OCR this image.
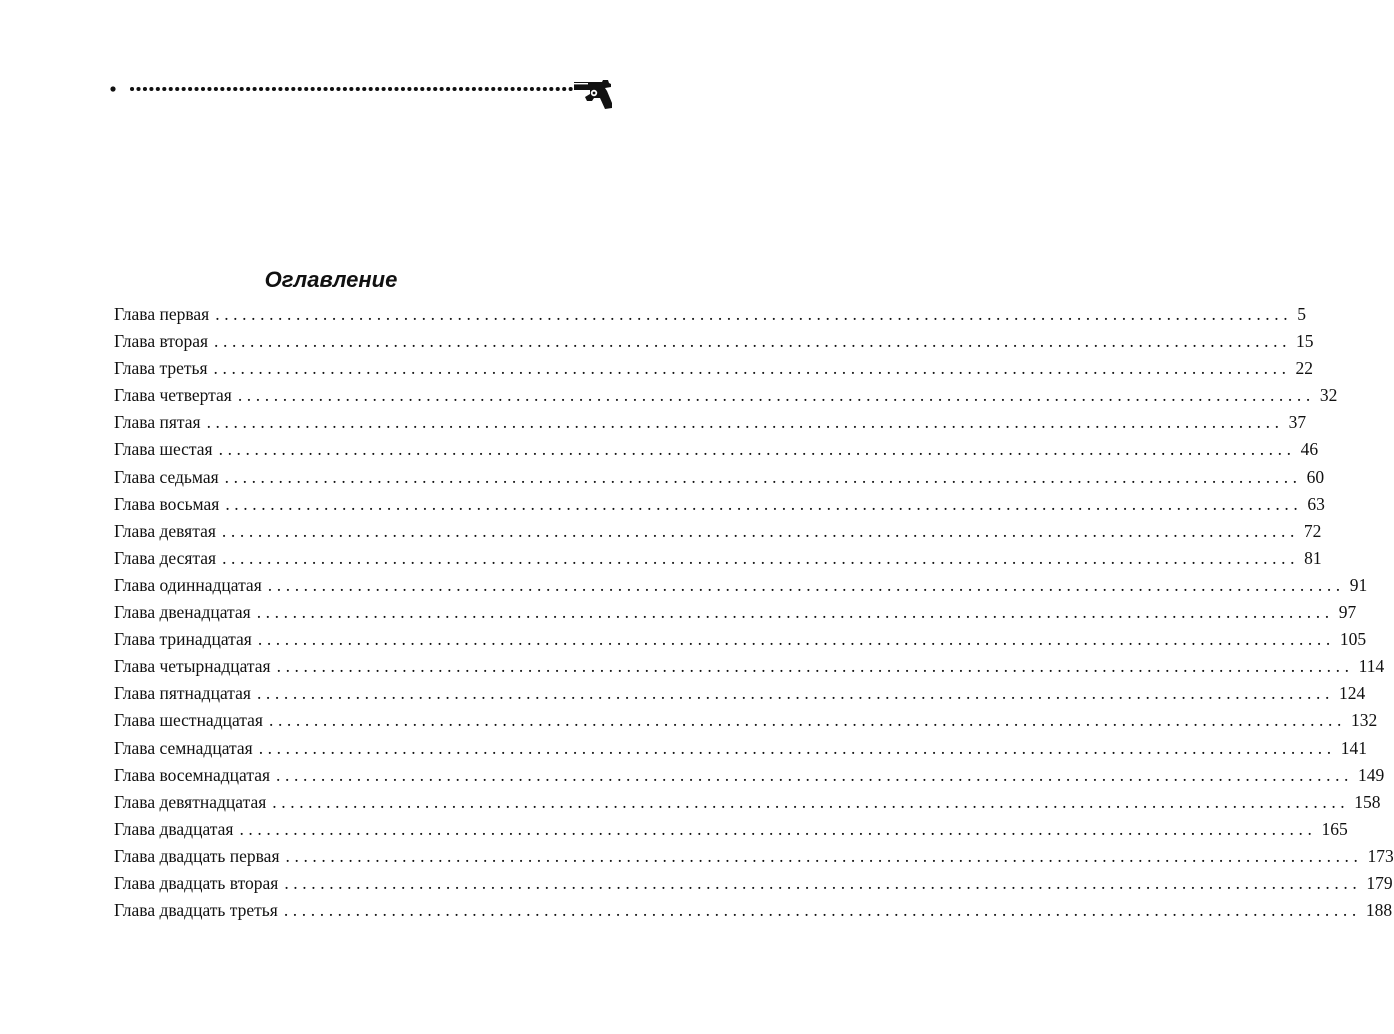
Оглавление
Глава первая ........................................................................................................................ 5
Глава вторая ........................................................................................................................ 15
Глава третья ........................................................................................................................ 22
Глава четвертая ........................................................................................................................ 32
Глава пятая ........................................................................................................................ 37
Глава шестая ........................................................................................................................ 46
Глава седьмая ........................................................................................................................ 60
Глава восьмая ........................................................................................................................ 63
Глава девятая ........................................................................................................................ 72
Глава десятая ........................................................................................................................ 81
Глава одиннадцатая ........................................................................................................................ 91
Глава двенадцатая ........................................................................................................................ 97
Глава тринадцатая ........................................................................................................................ 105
Глава четырнадцатая ........................................................................................................................ 114
Глава пятнадцатая ........................................................................................................................ 124
Глава шестнадцатая ........................................................................................................................ 132
Глава семнадцатая ........................................................................................................................ 141
Глава восемнадцатая ........................................................................................................................ 149
Глава девятнадцатая ........................................................................................................................ 158
Глава двадцатая ........................................................................................................................ 165
Глава двадцать первая ........................................................................................................................ 173
Глава двадцать вторая ........................................................................................................................ 179
Глава двадцать третья ........................................................................................................................ 188
